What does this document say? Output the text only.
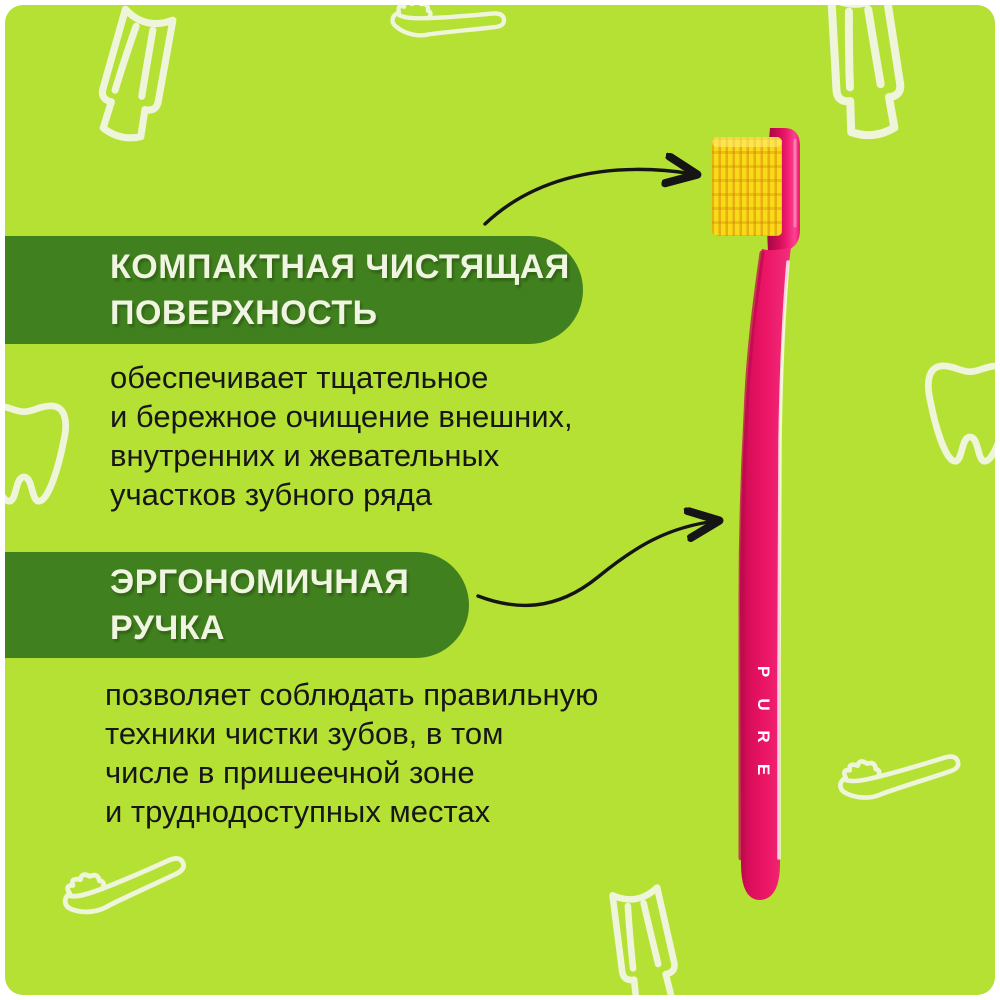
КОМПАКТНАЯ ЧИСТЯЩАЯ
ПОВЕРХНОСТЬ
обеспечивает тщательное
и бережное очищение внешних,
внутренних и жевательных
участков зубного ряда
ЭРГОНОМИЧНАЯ
РУЧКА
позволяет соблюдать правильную
техники чистки зубов, в том
числе в пришеечной зоне
и труднодоступных местах
P
U
R
E
